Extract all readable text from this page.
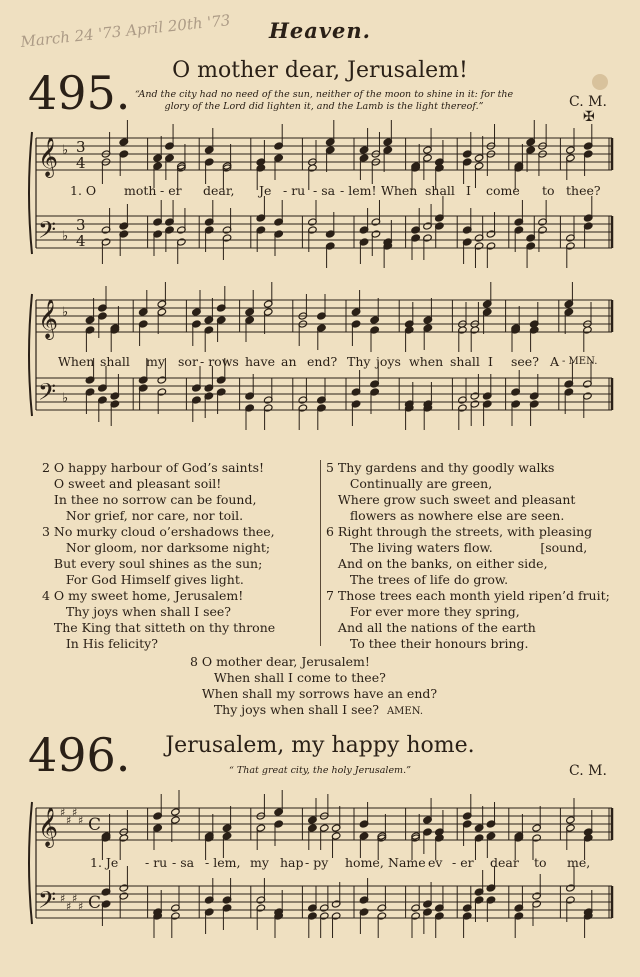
March 24 '73 April 20th '73	Heaven.
495.	O mother dear, Jerusalem!
“And the city had no need of the sun, neither of the moon to shine in it: for the
glory of the Lord did lighten it, and the Lamb is the light thereof.”	C. M.
✠
𝄞
𝄢
♭
♭
3
3
4
4
𝄞
𝄢
♭
♭
𝄞
𝄢
♯
♯
♯
♯
♯
♯
♯
♯
C
C
1. O moth - er dear, Je - ru - sa - lem! When shall I come to thee?
When shall my sor - rows have an end? Thy joys when shall I see? A - MEN.
2 O happy harbour of God’s saints!
O sweet and pleasant soil!
In thee no sorrow can be found,
Nor grief, nor care, nor toil.
3 No murky cloud o’ershadows thee,
Nor gloom, nor darksome night;
But every soul shines as the sun;
For God Himself gives light.
4 O my sweet home, Jerusalem!
Thy joys when shall I see?
The King that sitteth on thy throne
In His felicity?
5 Thy gardens and thy goodly walks
Continually are green,
Where grow such sweet and pleasant
flowers as nowhere else are seen.
6 Right through the streets, with pleasing
The living waters flow.            [sound,
And on the banks, on either side,
The trees of life do grow.
7 Those trees each month yield ripen’d fruit;
For ever more they spring,
And all the nations of the earth
To thee their honours bring.
8 O mother dear, Jerusalem!
When shall I come to thee?
When shall my sorrows have an end?
Thy joys when shall I see?  AMEN.
496.	Jerusalem, my happy home.
“ That great city, the holy Jerusalem.”	C. M.
1. Je - ru - sa - lem, my hap - py home, Name ev - er dear to me,
